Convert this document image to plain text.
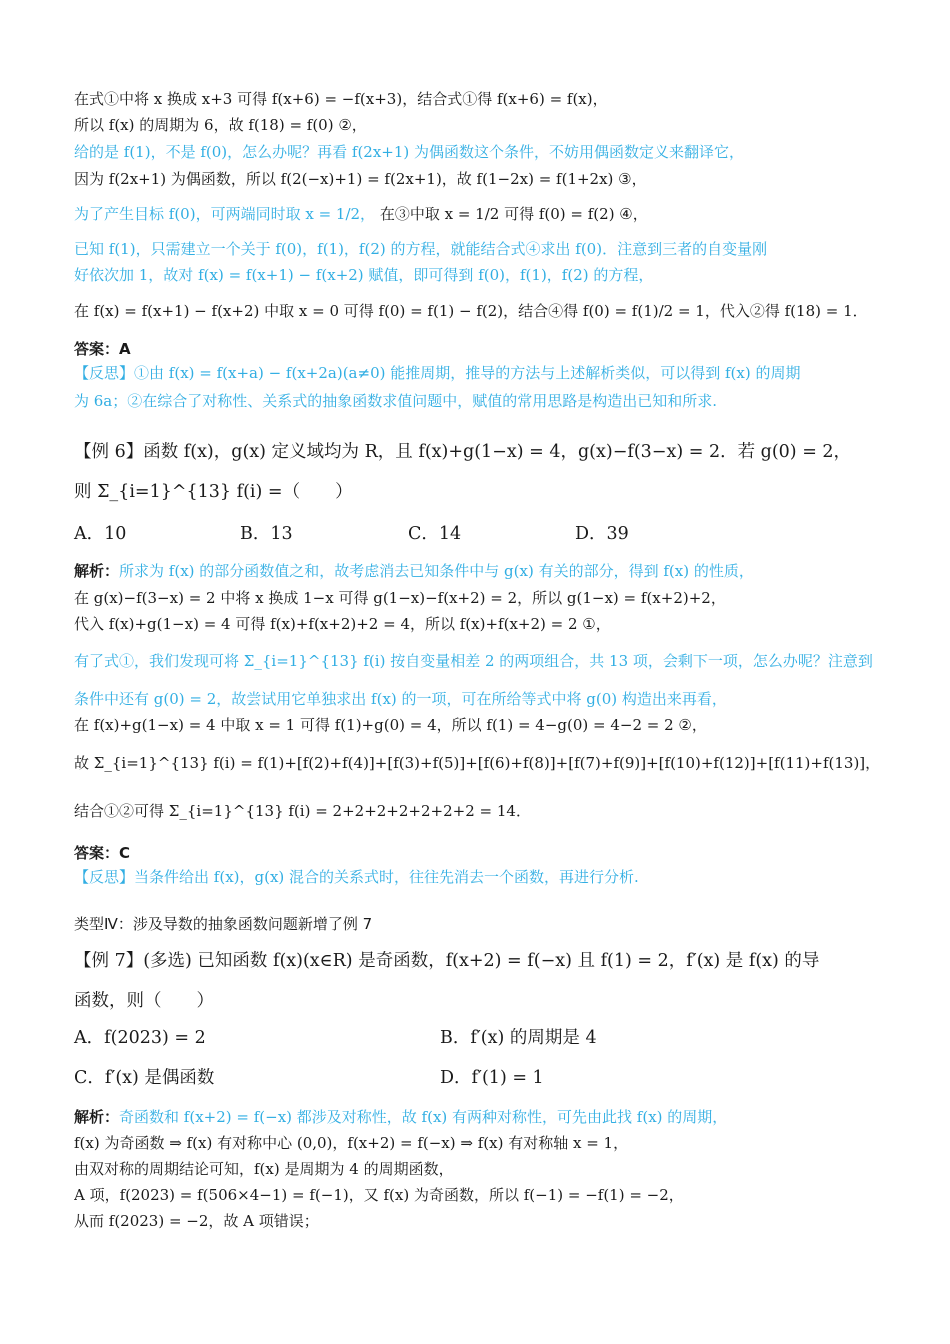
在式①中将 x 换成 x+3 可得 f(x+6) = −f(x+3)，结合式①得 f(x+6) = f(x)，
所以 f(x) 的周期为 6，故 f(18) = f(0) ②，
给的是 f(1)，不是 f(0)，怎么办呢？再看 f(2x+1) 为偶函数这个条件，不妨用偶函数定义来翻译它，
因为 f(2x+1) 为偶函数，所以 f(2(−x)+1) = f(2x+1)，故 f(1−2x) = f(1+2x) ③，
为了产生目标 f(0)，可两端同时取 x = 1/2， 在③中取 x = 1/2 可得 f(0) = f(2) ④，
已知 f(1)，只需建立一个关于 f(0)，f(1)，f(2) 的方程，就能结合式④求出 f(0)．注意到三者的自变量刚
好依次加 1，故对 f(x) = f(x+1) − f(x+2) 赋值，即可得到 f(0)，f(1)，f(2) 的方程，
在 f(x) = f(x+1) − f(x+2) 中取 x = 0 可得 f(0) = f(1) − f(2)，结合④得 f(0) = f(1)/2 = 1，代入②得 f(18) = 1．
答案：A
【反思】①由 f(x) = f(x+a) − f(x+2a)(a≠0) 能推周期，推导的方法与上述解析类似，可以得到 f(x) 的周期
为 6a；②在综合了对称性、关系式的抽象函数求值问题中，赋值的常用思路是构造出已知和所求.
【例 6】函数 f(x)，g(x) 定义域均为 R，且 f(x)+g(1−x) = 4，g(x)−f(3−x) = 2．若 g(0) = 2，
则 Σ_{i=1}^{13} f(i) =（　　）
A．10	B．13	C．14	D．39
解析：所求为 f(x) 的部分函数值之和，故考虑消去已知条件中与 g(x) 有关的部分，得到 f(x) 的性质，
在 g(x)−f(3−x) = 2 中将 x 换成 1−x 可得 g(1−x)−f(x+2) = 2，所以 g(1−x) = f(x+2)+2，
代入 f(x)+g(1−x) = 4 可得 f(x)+f(x+2)+2 = 4，所以 f(x)+f(x+2) = 2 ①，
有了式①，我们发现可将 Σ_{i=1}^{13} f(i) 按自变量相差 2 的两项组合，共 13 项，会剩下一项，怎么办呢？注意到
条件中还有 g(0) = 2，故尝试用它单独求出 f(x) 的一项，可在所给等式中将 g(0) 构造出来再看，
在 f(x)+g(1−x) = 4 中取 x = 1 可得 f(1)+g(0) = 4，所以 f(1) = 4−g(0) = 4−2 = 2 ②，
故 Σ_{i=1}^{13} f(i) = f(1)+[f(2)+f(4)]+[f(3)+f(5)]+[f(6)+f(8)]+[f(7)+f(9)]+[f(10)+f(12)]+[f(11)+f(13)]，
结合①②可得 Σ_{i=1}^{13} f(i) = 2+2+2+2+2+2+2 = 14．
答案：C
【反思】当条件给出 f(x)，g(x) 混合的关系式时，往往先消去一个函数，再进行分析.
类型Ⅳ：涉及导数的抽象函数问题新增了例 7
【例 7】(多选) 已知函数 f(x)(x∈R) 是奇函数，f(x+2) = f(−x) 且 f(1) = 2，f′(x) 是 f(x) 的导
函数，则（　　）
A．f(2023) = 2	B．f′(x) 的周期是 4
C．f′(x) 是偶函数	D．f′(1) = 1
解析：奇函数和 f(x+2) = f(−x) 都涉及对称性，故 f(x) 有两种对称性，可先由此找 f(x) 的周期，
f(x) 为奇函数 ⇒ f(x) 有对称中心 (0,0)，f(x+2) = f(−x) ⇒ f(x) 有对称轴 x = 1，
由双对称的周期结论可知，f(x) 是周期为 4 的周期函数，
A 项，f(2023) = f(506×4−1) = f(−1)，又 f(x) 为奇函数，所以 f(−1) = −f(1) = −2，
从而 f(2023) = −2，故 A 项错误；
